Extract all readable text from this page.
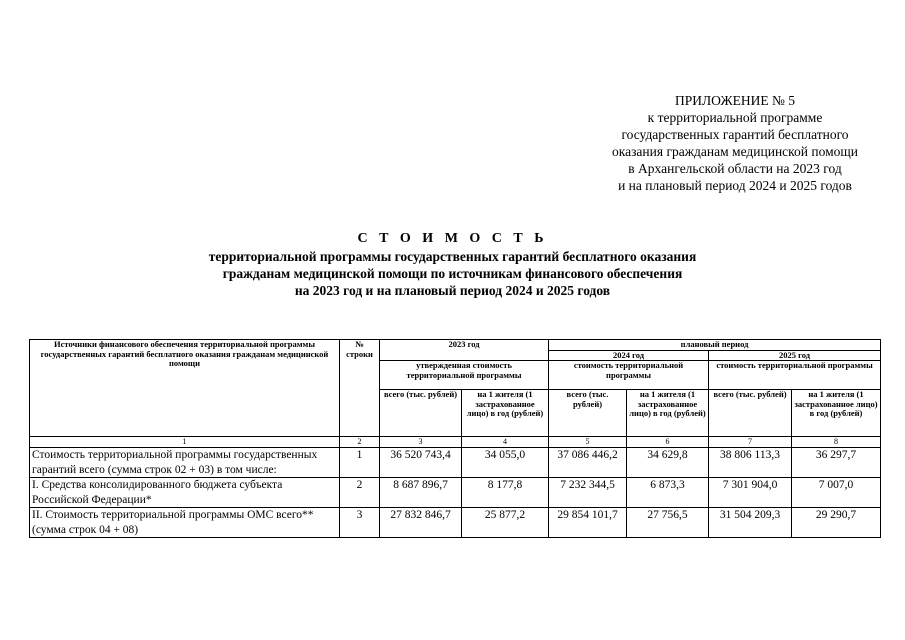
ПРИЛОЖЕНИЕ № 5
к территориальной программе
государственных гарантий бесплатного
оказания гражданам медицинской помощи
в Архангельской области на 2023 год
и на плановый период 2024 и 2025 годов
С Т О И М О С Т Ь
территориальной программы государственных гарантий бесплатного оказания
гражданам медицинской помощи по источникам финансового обеспечения
на 2023 год и на плановый период 2024 и 2025 годов
Источники финансового обеспечения территориальной программы государственных гарантий бесплатного оказания гражданам медицинской помощи	№ строки	2023 год		плановый период			
				2024 год		2025 год	
		утвержденная стоимость территориальной программы		стоимость территориальной программы		стоимость территориальной программы	
		всего (тыс. рублей)	на 1 жителя (1 застрахованное лицо) в год (рублей)	всего (тыс. рублей)	на 1 жителя (1 застрахованное лицо) в год (рублей)	всего (тыс. рублей)	на 1 жителя (1 застрахованное лицо) в год (рублей)
1	2	3	4	5	6	7	8
Стоимость территориальной программы государственных гарантий всего (сумма строк 02 + 03) в том числе:	1	36 520 743,4	34 055,0	37 086 446,2	34 629,8	38 806 113,3	36 297,7
I. Средства консолидированного бюджета субъекта Российской Федерации*	2	8 687 896,7	8 177,8	7 232 344,5	6 873,3	7 301 904,0	7 007,0
II. Стоимость территориальной программы ОМС всего** (сумма строк 04 + 08)	3	27 832 846,7	25 877,2	29 854 101,7	27 756,5	31 504 209,3	29 290,7
